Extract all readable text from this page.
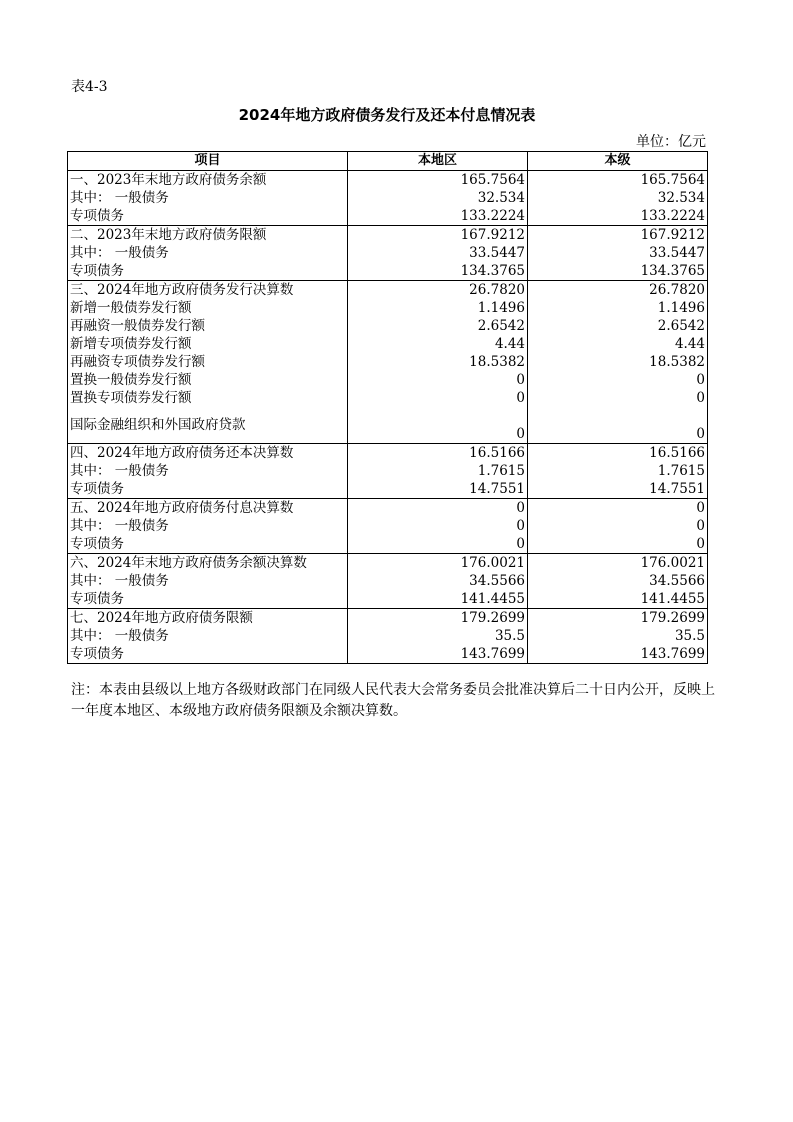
表4-3
2024年地方政府债务发行及还本付息情况表
单位：亿元
项目	本地区	本级
一、2023年末地方政府债务余额	165.7564	165.7564
其中： 一般债务	32.534	32.534
专项债务	133.2224	133.2224
二、2023年末地方政府债务限额	167.9212	167.9212
其中： 一般债务	33.5447	33.5447
专项债务	134.3765	134.3765
三、2024年地方政府债务发行决算数	26.7820	26.7820
新增一般债券发行额	1.1496	1.1496
再融资一般债券发行额	2.6542	2.6542
新增专项债券发行额	4.44	4.44
再融资专项债券发行额	18.5382	18.5382
置换一般债券发行额	0	0
置换专项债券发行额	0	0
国际金融组织和外国政府贷款	0	0
四、2024年地方政府债务还本决算数	16.5166	16.5166
其中： 一般债务	1.7615	1.7615
专项债务	14.7551	14.7551
五、2024年地方政府债务付息决算数	0	0
其中： 一般债务	0	0
专项债务	0	0
六、2024年末地方政府债务余额决算数	176.0021	176.0021
其中： 一般债务	34.5566	34.5566
专项债务	141.4455	141.4455
七、2024年地方政府债务限额	179.2699	179.2699
其中： 一般债务	35.5	35.5
专项债务	143.7699	143.7699
注：本表由县级以上地方各级财政部门在同级人民代表大会常务委员会批准决算后二十日内公开，反映上一年度本地区、本级地方政府债务限额及余额决算数。
